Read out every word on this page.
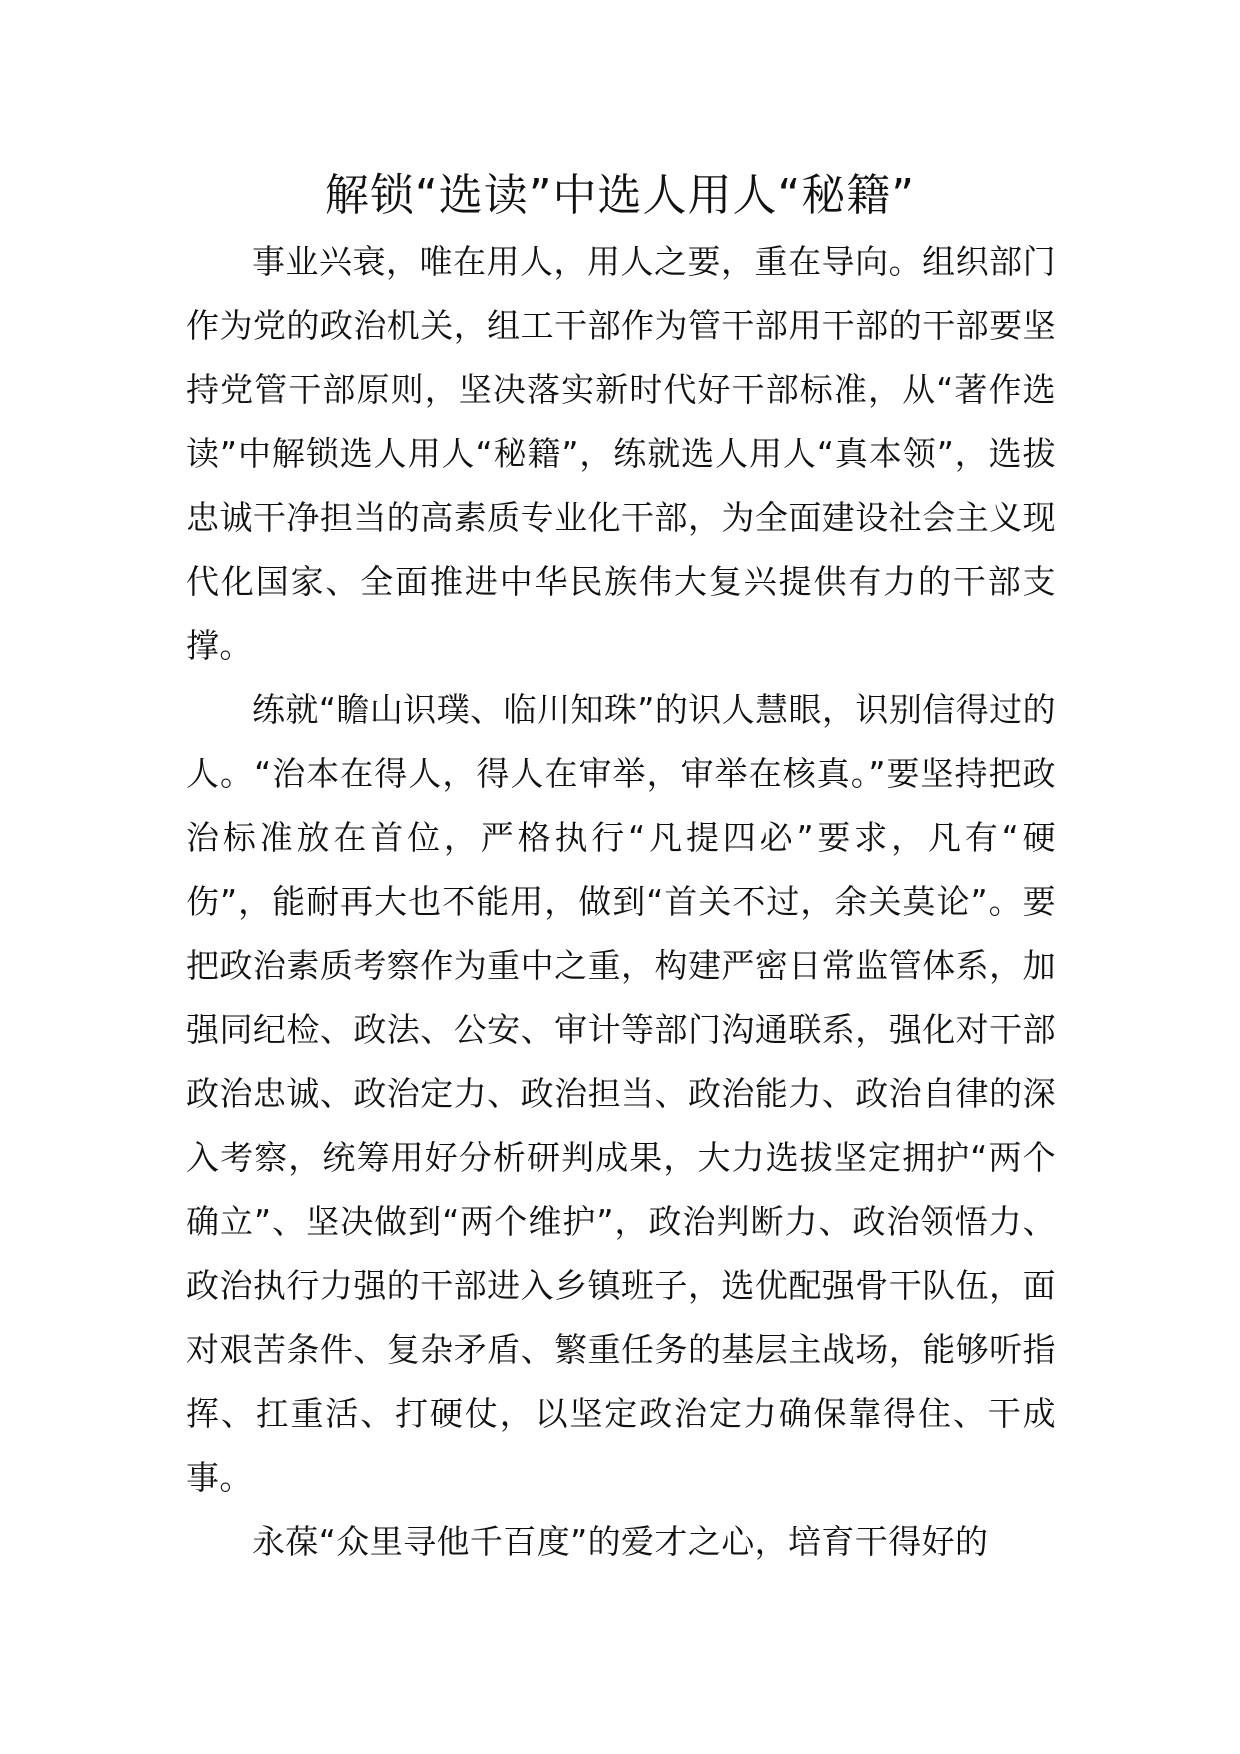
解锁“选读”中选人用人“秘籍”

事业兴衰，唯在用人，用人之要，重在导向。组织部门作为党的政治机关，组工干部作为管干部用干部的干部要坚持党管干部原则，坚决落实新时代好干部标准，从“著作选读”中解锁选人用人“秘籍”，练就选人用人“真本领”，选拔忠诚干净担当的高素质专业化干部，为全面建设社会主义现代化国家、全面推进中华民族伟大复兴提供有力的干部支撑。

练就“瞻山识璞、临川知珠”的识人慧眼，识别信得过的人。“治本在得人，得人在审举，审举在核真。”要坚持把政治标准放在首位，严格执行“凡提四必”要求，凡有“硬伤”，能耐再大也不能用，做到“首关不过，余关莫论”。要把政治素质考察作为重中之重，构建严密日常监管体系，加强同纪检、政法、公安、审计等部门沟通联系，强化对干部政治忠诚、政治定力、政治担当、政治能力、政治自律的深入考察，统筹用好分析研判成果，大力选拔坚定拥护“两个确立”、坚决做到“两个维护”，政治判断力、政治领悟力、政治执行力强的干部进入乡镇班子，选优配强骨干队伍，面对艰苦条件、复杂矛盾、繁重任务的基层主战场，能够听指挥、扛重活、打硬仗，以坚定政治定力确保靠得住、干成事。

永葆“众里寻他千百度”的爱才之心，培育干得好的
